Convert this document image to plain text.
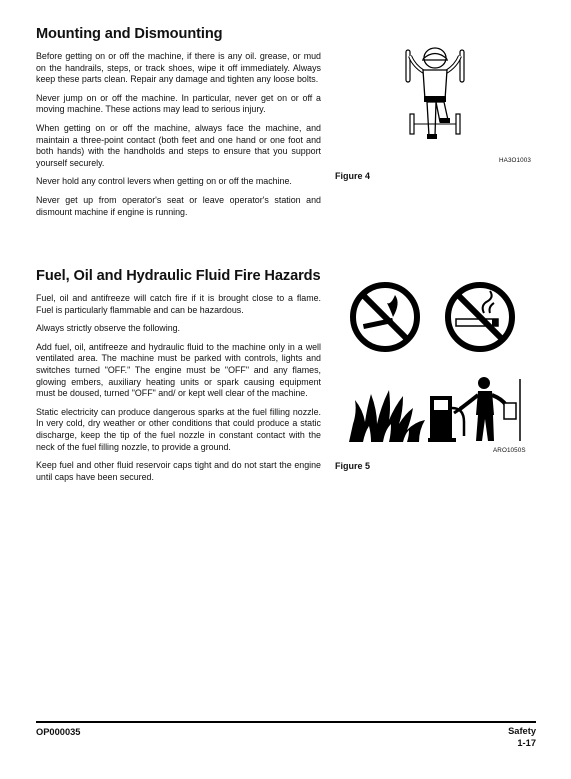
Mounting and Dismounting

Before getting on or off the machine, if there is any oil. grease, or mud on the handrails, steps, or track shoes, wipe it off immediately. Always keep these parts clean. Repair any damage and tighten any loose bolts.

Never jump on or off the machine. In particular, never get on or off a moving machine. These actions may lead to serious injury.

When getting on or off the machine, always face the machine, and maintain a three-point contact (both feet and one hand or one foot and both hands) with the handholds and steps to ensure that you support yourself securely.

Never hold any control levers when getting on or off the machine.

Never get up from operator's seat or leave operator's station and dismount machine if engine is running.

HA3O1003
Figure 4
Fuel, Oil and Hydraulic Fluid Fire Hazards

Fuel, oil and antifreeze will catch fire if it is brought close to a flame. Fuel is particularly flammable and can be hazardous.

Always strictly observe the following.

Add fuel, oil, antifreeze and hydraulic fluid to the machine only in a well ventilated area. The machine must be parked with controls, lights and switches turned "OFF." The engine must be "OFF" and any flames, glowing embers, auxiliary heating units or spark causing equipment must be doused, turned "OFF" and/ or kept well clear of the machine.

Static electricity can produce dangerous sparks at the fuel filling nozzle. In very cold, dry weather or other conditions that could produce a static discharge, keep the tip of the fuel nozzle in constant contact with the neck of the fuel filling nozzle, to provide a ground.

Keep fuel and other fluid reservoir caps tight and do not start the engine until caps have been secured.

ARO1050S
Figure 5
OP000035	Safety
1-17
